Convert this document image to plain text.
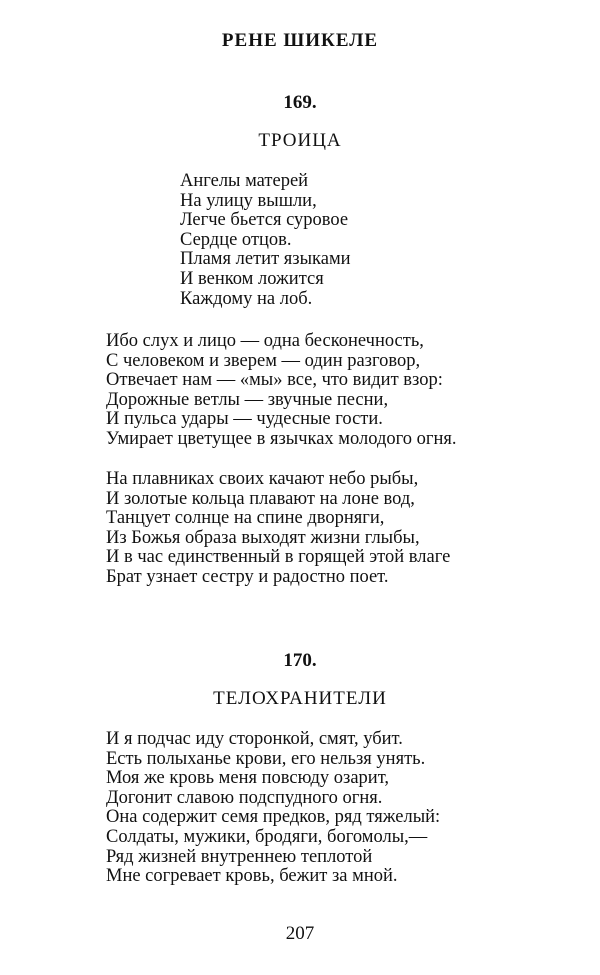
РЕНЕ ШИКЕЛЕ
169.
ТРОИЦА
Ангелы матерей
На улицу вышли,
Легче бьется суровое
Сердце отцов.
Пламя летит языками
И венком ложится
Каждому на лоб.
Ибо слух и лицо — одна бесконечность,
С человеком и зверем — один разговор,
Отвечает нам — «мы» все, что видит взор:
Дорожные ветлы — звучные песни,
И пульса удары — чудесные гости.
Умирает цветущее в язычках молодого огня.
На плавниках своих качают небо рыбы,
И золотые кольца плавают на лоне вод,
Танцует солнце на спине дворняги,
Из Божья образа выходят жизни глыбы,
И в час единственный в горящей этой влаге
Брат узнает сестру и радостно поет.
170.
ТЕЛОХРАНИТЕЛИ
И я подчас иду сторонкой, смят, убит.
Есть полыханье крови, его нельзя унять.
Моя же кровь меня повсюду озарит,
Догонит славою подспудного огня.
Она содержит семя предков, ряд тяжелый:
Солдаты, мужики, бродяги, богомолы,—
Ряд жизней внутреннею теплотой
Мне согревает кровь, бежит за мной.
207
